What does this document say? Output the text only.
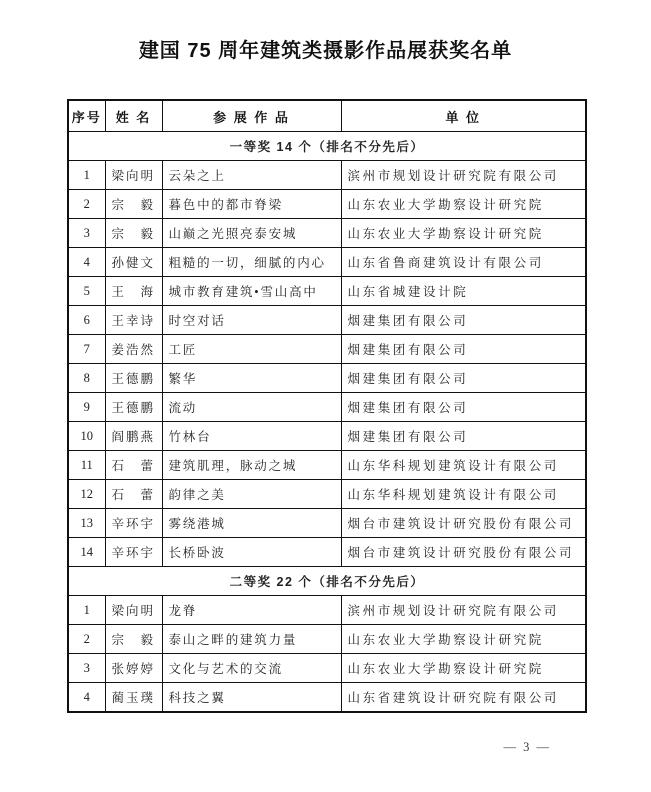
建国 75 周年建筑类摄影作品展获奖名单
序号	姓 名	参 展 作 品	单 位
一等奖 14 个（排名不分先后）			
1	梁向明	云朵之上	滨州市规划设计研究院有限公司
2	宗　毅	暮色中的都市脊梁	山东农业大学勘察设计研究院
3	宗　毅	山巅之光照亮泰安城	山东农业大学勘察设计研究院
4	孙健文	粗糙的一切，细腻的内心	山东省鲁商建筑设计有限公司
5	王　海	城市教育建筑•雪山高中	山东省城建设计院
6	王幸诗	时空对话	烟建集团有限公司
7	姜浩然	工匠	烟建集团有限公司
8	王德鹏	繁华	烟建集团有限公司
9	王德鹏	流动	烟建集团有限公司
10	阎鹏燕	竹林台	烟建集团有限公司
11	石　蕾	建筑肌理，脉动之城	山东华科规划建筑设计有限公司
12	石　蕾	韵律之美	山东华科规划建筑设计有限公司
13	辛环宇	雾绕港城	烟台市建筑设计研究股份有限公司
14	辛环宇	长桥卧波	烟台市建筑设计研究股份有限公司
二等奖 22 个（排名不分先后）			
1	梁向明	龙脊	滨州市规划设计研究院有限公司
2	宗　毅	泰山之畔的建筑力量	山东农业大学勘察设计研究院
3	张婷婷	文化与艺术的交流	山东农业大学勘察设计研究院
4	蔺玉璞	科技之翼	山东省建筑设计研究院有限公司
— 3 —
